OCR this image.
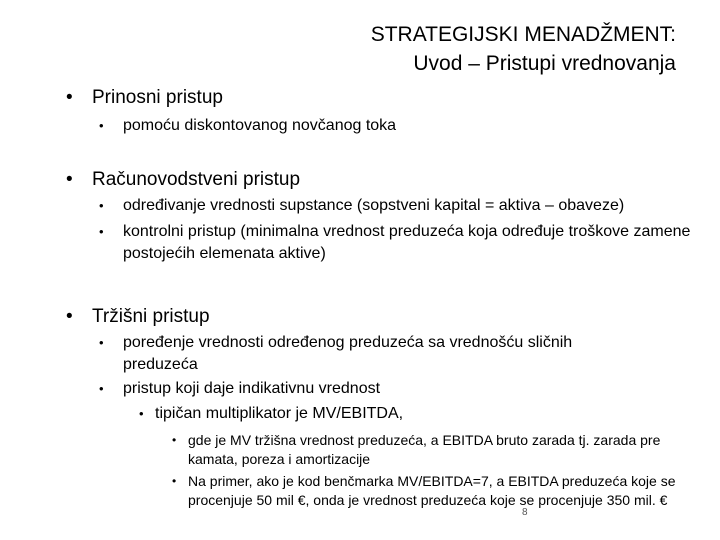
STRATEGIJSKI MENADŽMENT:
Uvod – Pristupi vrednovanja
• Prinosni pristup
• pomoću diskontovanog novčanog toka
• Računovodstveni pristup
• određivanje vrednosti supstance (sopstveni kapital = aktiva – obaveze)
• kontrolni pristup (minimalna vrednost preduzeća koja određuje troškove zamene postojećih elemenata aktive)
• Tržišni pristup
• poređenje vrednosti određenog preduzeća sa vrednošću sličnih preduzeća
• pristup koji daje indikativnu vrednost
• tipičan multiplikator je MV/EBITDA,
• gde je MV tržišna vrednost preduzeća, a EBITDA bruto zarada tj. zarada pre kamata, poreza i amortizacije
• Na primer, ako je kod benčmarka MV/EBITDA=7, a EBITDA preduzeća koje se procenjuje 50 mil €, onda je vrednost preduzeća koje se procenjuje 350 mil. €
8
